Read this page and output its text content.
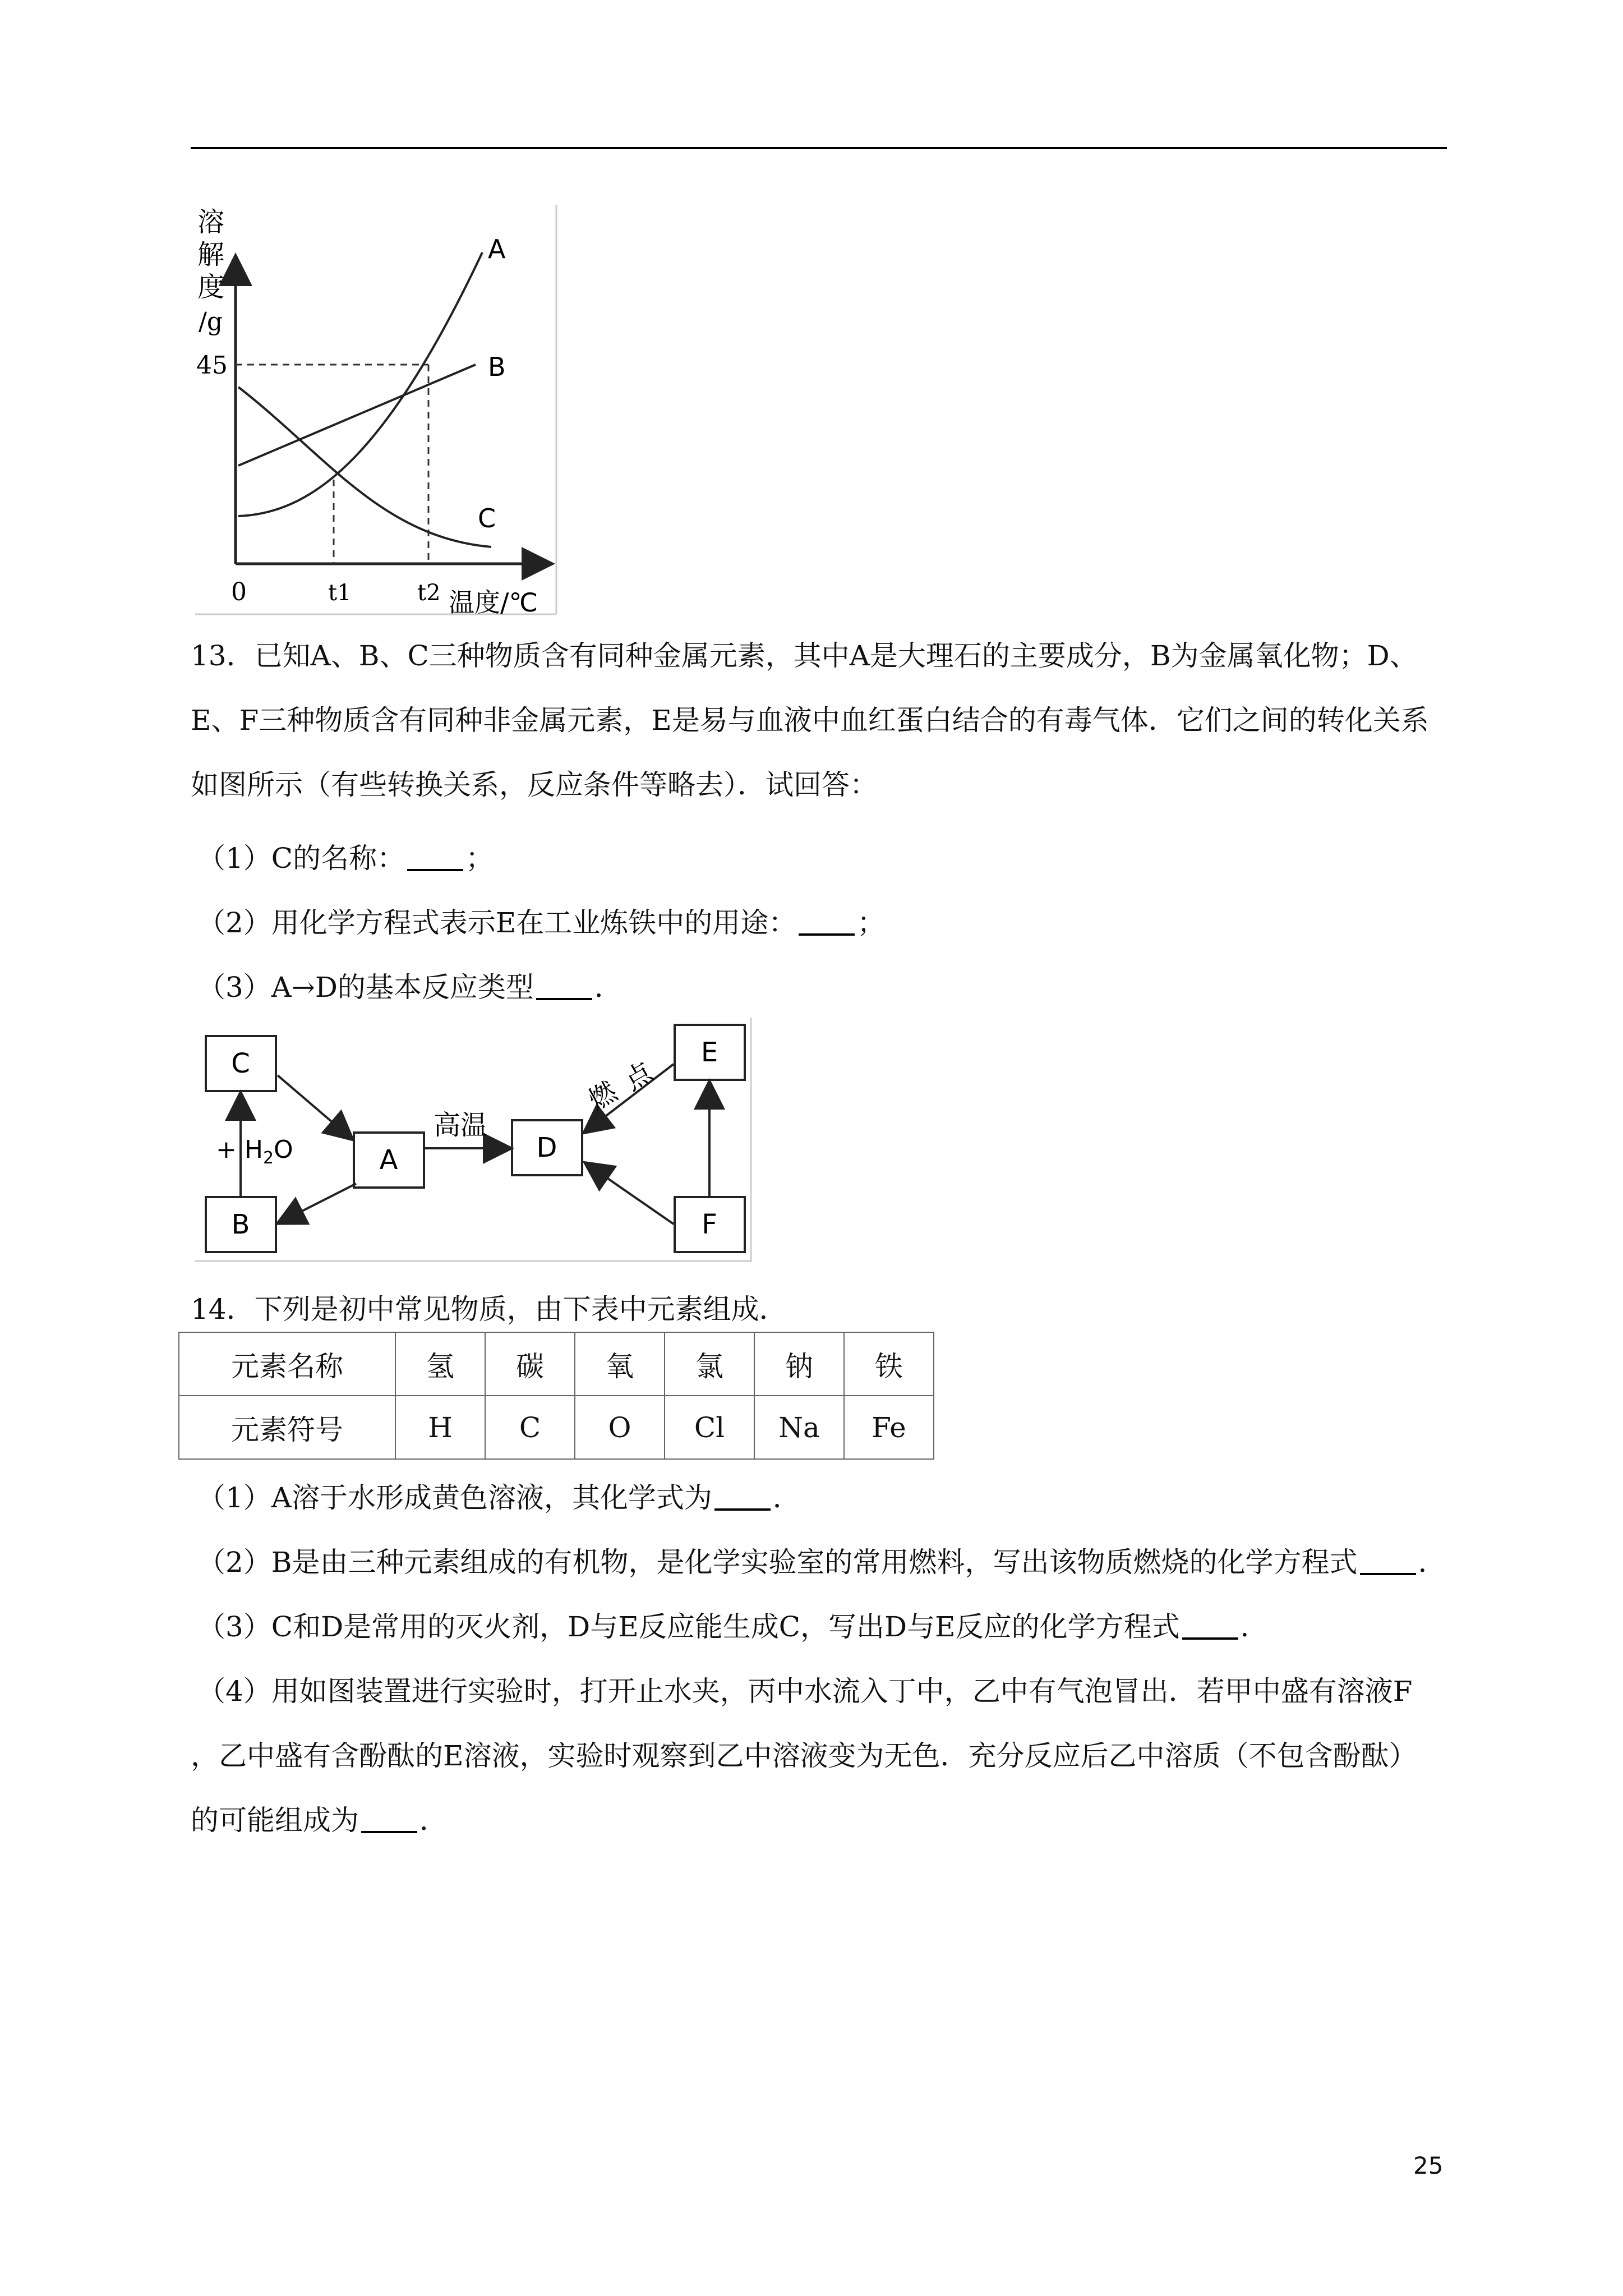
溶
解
度
/g
45
0	t1	t2 温度/℃
A
B
C

13．已知A、B、C三种物质含有同种金属元素，其中A是大理石的主要成分，B为金属氧化物；D、E、F三种物质含有同种非金属元素，E是易与血液中血红蛋白结合的有毒气体．它们之间的转化关系如图所示（有些转换关系，反应条件等略去）．试回答：

（1）C的名称： ；
（2）用化学方程式表示E在工业炼铁中的用途： ；
（3）A→D的基本反应类型 ．
C
A	D
E
B	F
+ $H_2O$
高温
点
燃
14．下列是初中常见物质，由下表中元素组成．
元素名称	氢	碳	氧	氯	钠	铁
元素符号	H	C	O	Cl	Na	Fe
（1）A溶于水形成黄色溶液，其化学式为 ．
（2）B是由三种元素组成的有机物，是化学实验室的常用燃料，写出该物质燃烧的化学方程式 ．
（3）C和D是常用的灭火剂，D与E反应能生成C，写出D与E反应的化学方程式 ．
（4）用如图装置进行实验时，打开止水夹，丙中水流入丁中，乙中有气泡冒出．若甲中盛有溶液F
，乙中盛有含酚酞的E溶液，实验时观察到乙中溶液变为无色．充分反应后乙中溶质（不包含酚酞）
的可能组成为 ．
25
